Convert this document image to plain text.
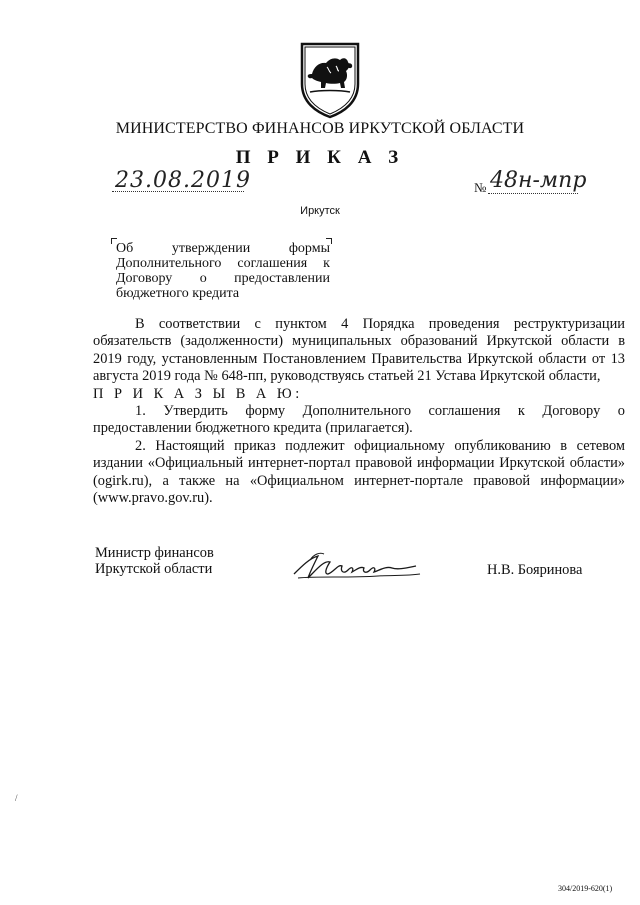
МИНИСТЕРСТВО ФИНАНСОВ ИРКУТСКОЙ ОБЛАСТИ
П Р И К А З
23.08.2019	№ 48н-мпр
Иркутск
Об утверждении формы
Дополнительного соглашения к
Договору о предоставлении
бюджетного кредита

В соответствии с пунктом 4 Порядка проведения реструктуризации обязательств (задолженности) муниципальных образований Иркутской области в 2019 году, установленным Постановлением Правительства Иркутской области от 13 августа 2019 года № 648-пп, руководствуясь статьей 21 Устава Иркутской области,

П Р И К А З Ы В А Ю:

1. Утвердить форму Дополнительного соглашения к Договору о предоставлении бюджетного кредита (прилагается).

2. Настоящий приказ подлежит официальному опубликованию в сетевом издании «Официальный интернет-портал правовой информации Иркутской области» (ogirk.ru), а также на «Официальном интернет-портале правовой информации» (www.pravo.gov.ru).

Министр финансов
Иркутской области	Н.В. Бояринова
/
304/2019-620(1)
